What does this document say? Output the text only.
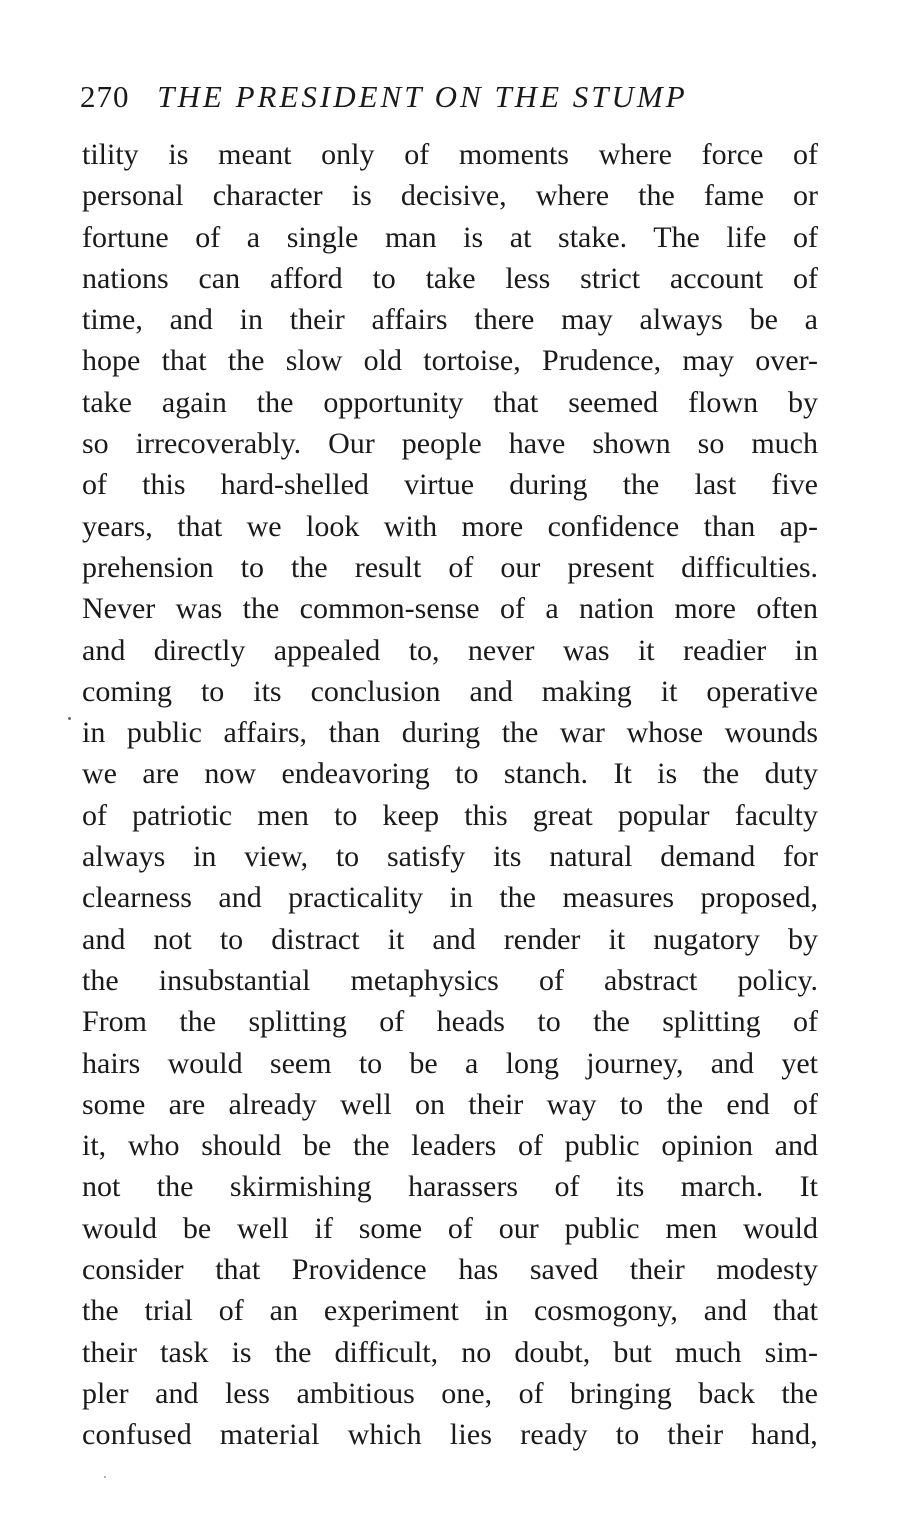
270 THE PRESIDENT ON THE STUMP
tility is meant only of moments where force of
personal character is decisive, where the fame or
fortune of a single man is at stake. The life of
nations can afford to take less strict account of
time, and in their affairs there may always be a
hope that the slow old tortoise, Prudence, may over-
take again the opportunity that seemed flown by
so irrecoverably. Our people have shown so much
of this hard-shelled virtue during the last five
years, that we look with more confidence than ap-
prehension to the result of our present difficulties.
Never was the common-sense of a nation more often
and directly appealed to, never was it readier in
coming to its conclusion and making it operative
in public affairs, than during the war whose wounds
we are now endeavoring to stanch. It is the duty
of patriotic men to keep this great popular faculty
always in view, to satisfy its natural demand for
clearness and practicality in the measures proposed,
and not to distract it and render it nugatory by
the insubstantial metaphysics of abstract policy.
From the splitting of heads to the splitting of
hairs would seem to be a long journey, and yet
some are already well on their way to the end of
it, who should be the leaders of public opinion and
not the skirmishing harassers of its march. It
would be well if some of our public men would
consider that Providence has saved their modesty
the trial of an experiment in cosmogony, and that
their task is the difficult, no doubt, but much sim-
pler and less ambitious one, of bringing back the
confused material which lies ready to their hand,
